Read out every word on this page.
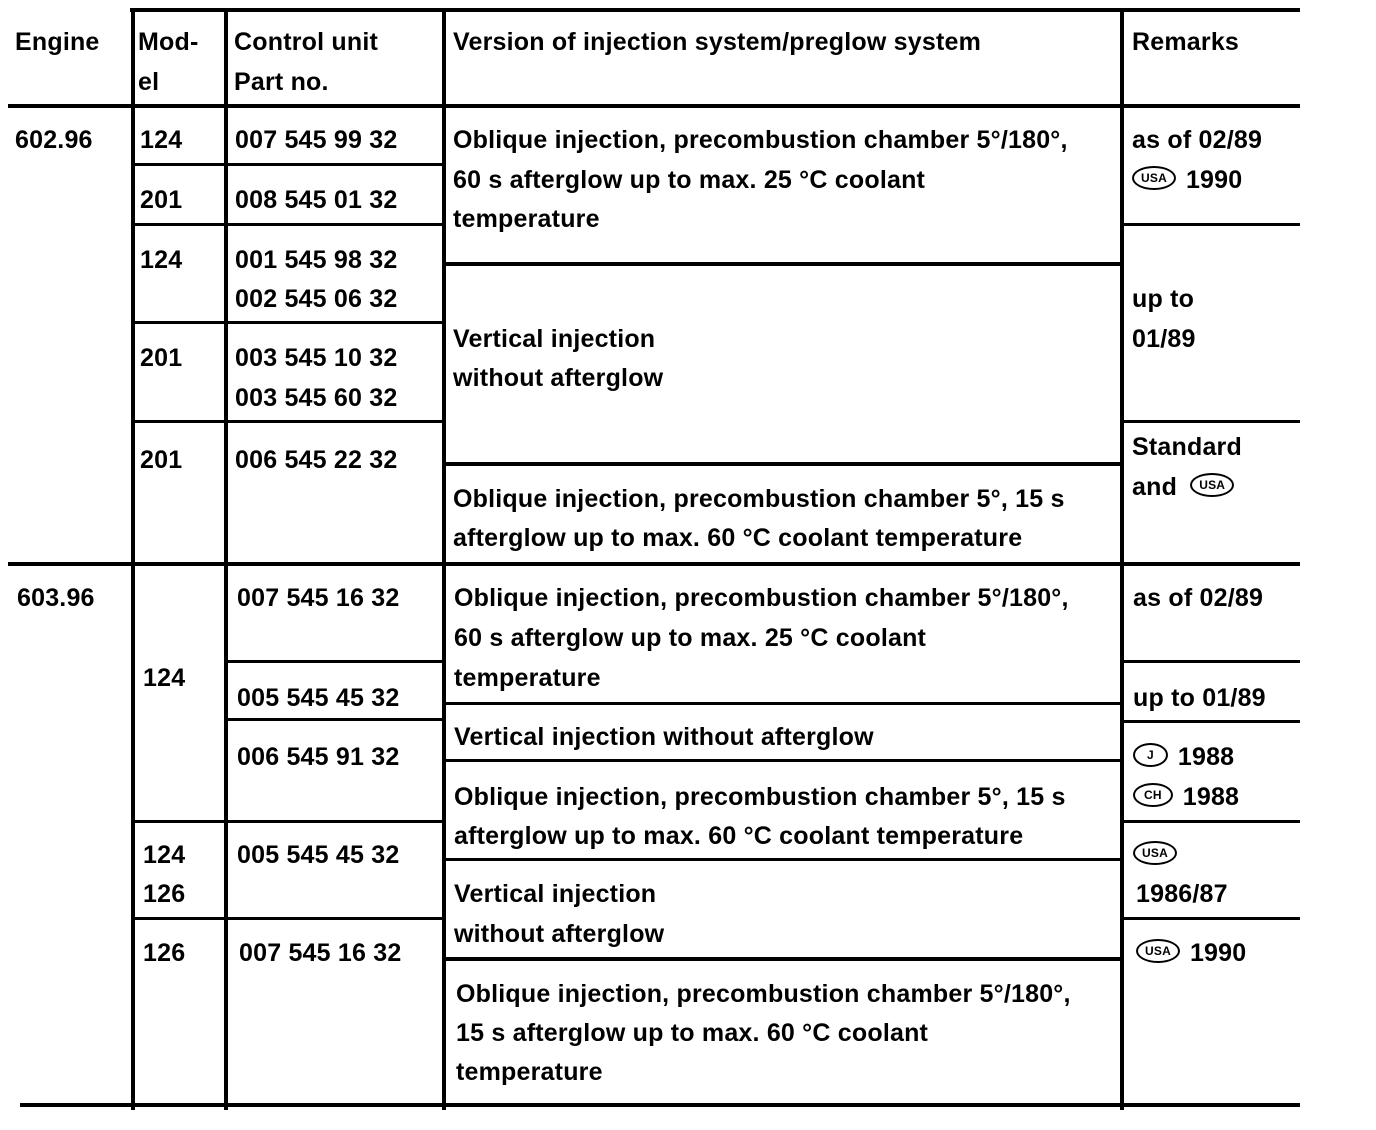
Engine Mod-
el
Control unit
Part no.
Version of injection system/preglow system	Remarks
602.96
603.96
124
201
124
201
201
124
124
126
126
007 545 99 32
008 545 01 32
001 545 98 32
002 545 06 32
003 545 10 32
003 545 60 32
006 545 22 32
007 545 16 32
005 545 45 32
006 545 91 32
005 545 45 32
007 545 16 32
Oblique injection, precombustion chamber 5°/180°,
60 s afterglow up to max. 25 °C coolant
temperature
Vertical injection
without afterglow
Oblique injection, precombustion chamber 5°, 15 s
afterglow up to max. 60 °C coolant temperature
Oblique injection, precombustion chamber 5°/180°,
60 s afterglow up to max. 25 °C coolant
temperature
Vertical injection without afterglow
Oblique injection, precombustion chamber 5°, 15 s
afterglow up to max. 60 °C coolant temperature
Vertical injection
without afterglow
Oblique injection, precombustion chamber 5°/180°,
15 s afterglow up to max. 60 °C coolant
temperature
as of 02/89
USA 1990
up to
01/89
Standard
and USA
as of 02/89
up to 01/89
J 1988
CH 1988
USA
1986/87
USA 1990
